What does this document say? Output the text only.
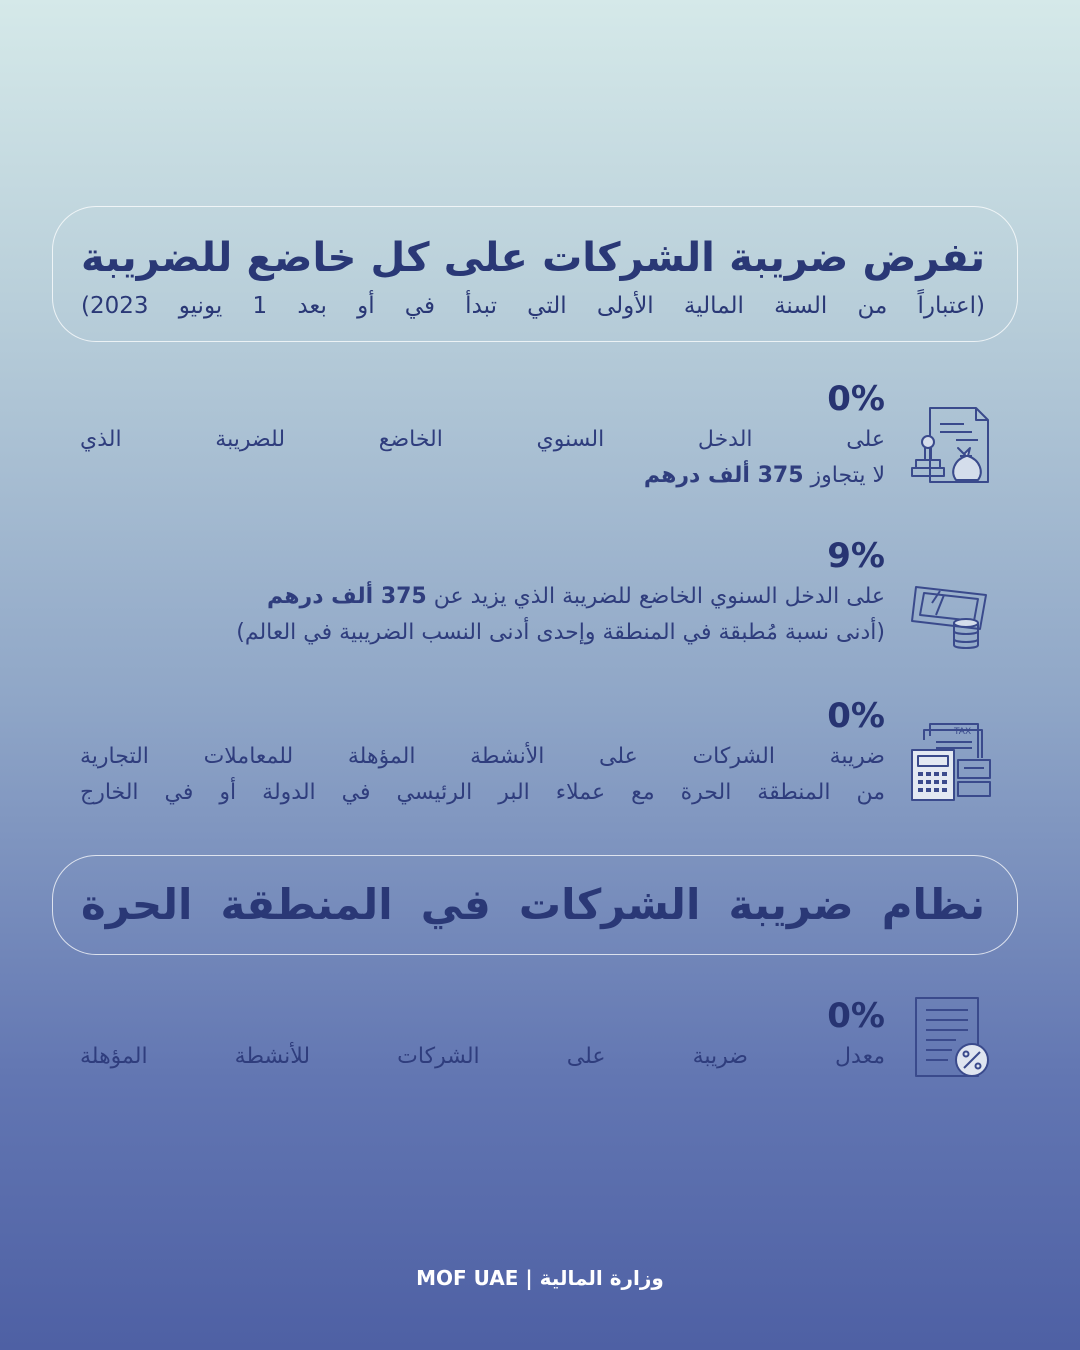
تفرض ضريبة الشركات على كل خاضع للضريبة
(اعتباراً من السنة المالية الأولى التي تبدأ في أو بعد 1 يونيو 2023)
0%
على الدخل السنوي الخاضع للضريبة الذي
لا يتجاوز 375 ألف درهم
9%
على الدخل السنوي الخاضع للضريبة الذي يزيد عن 375 ألف درهم
(أدنى نسبة مُطبقة في المنطقة وإحدى أدنى النسب الضريبية في العالم)
0%
ضريبة الشركات على الأنشطة المؤهلة للمعاملات التجارية
من المنطقة الحرة مع عملاء البر الرئيسي في الدولة أو في الخارج
TAX
نظام ضريبة الشركات في المنطقة الحرة
0%
معدل ضريبة على الشركات للأنشطة المؤهلة
وزارة المالية | MOF UAE
